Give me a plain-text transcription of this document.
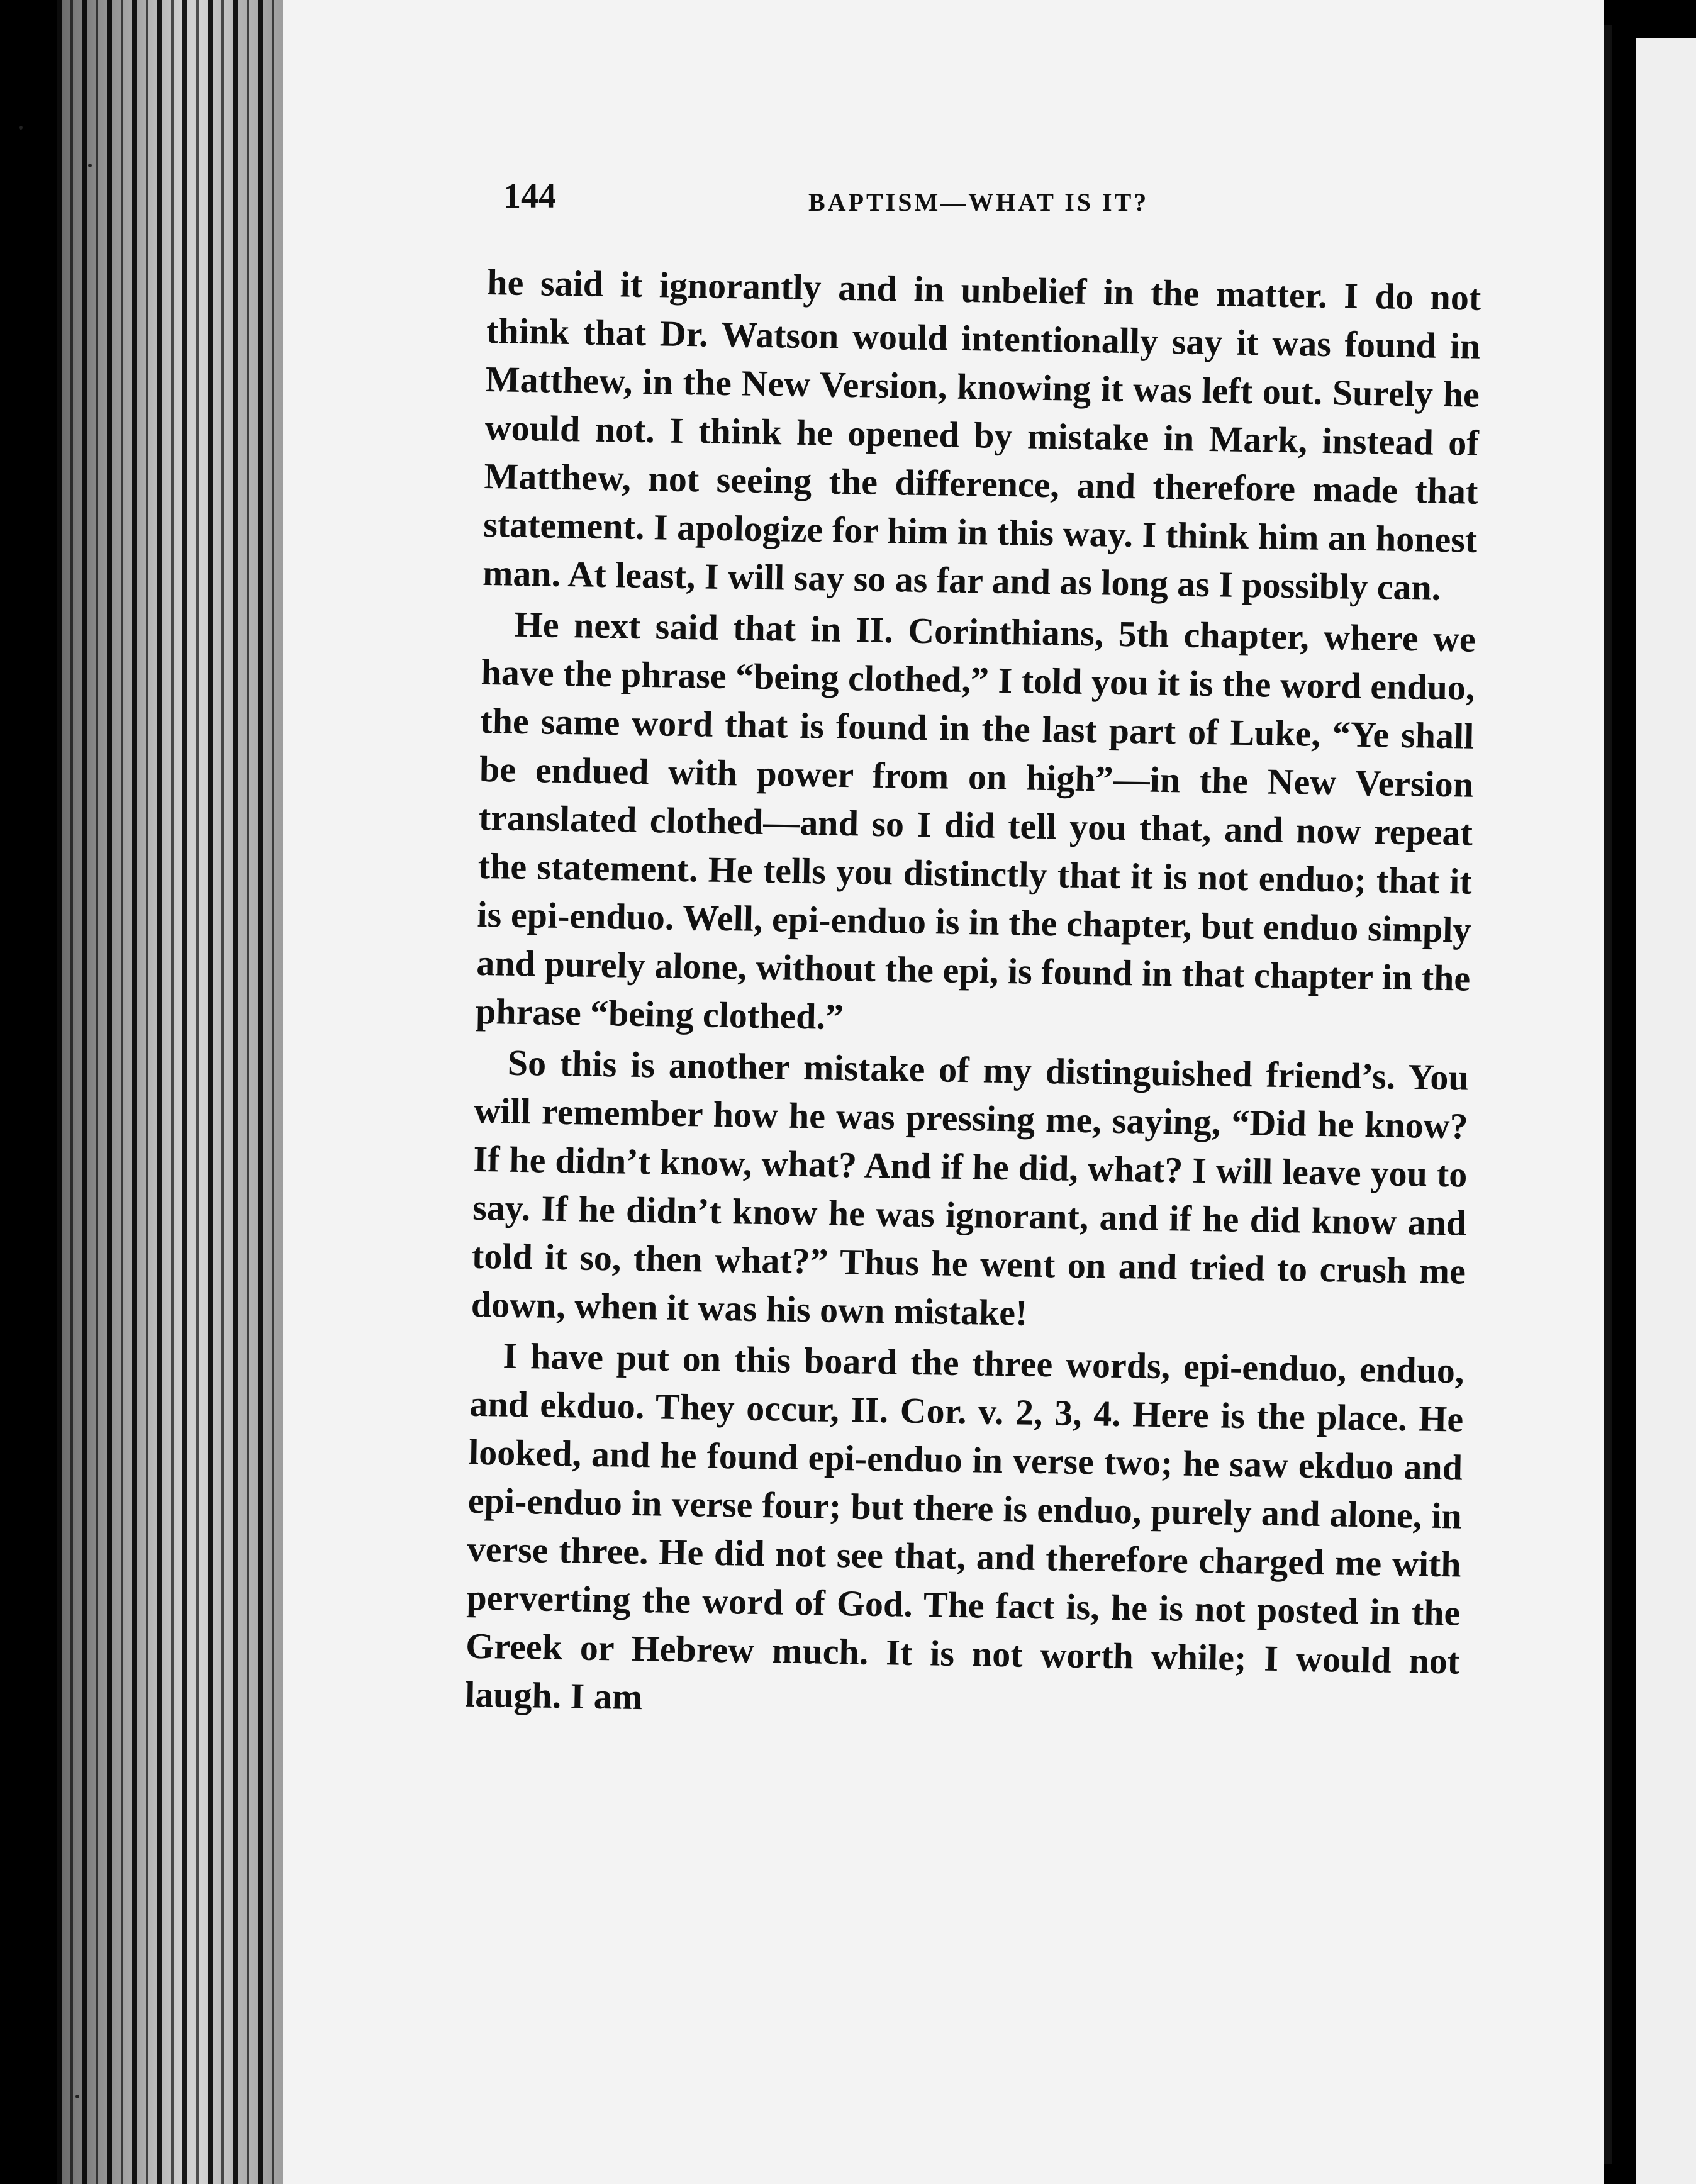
144	BAPTISM—WHAT IS IT?

he said it ignorantly and in unbelief in the matter. I do not think that Dr. Watson would intentionally say it was found in Matthew, in the New Version, knowing it was left out. Surely he would not. I think he opened by mistake in Mark, instead of Matthew, not seeing the difference, and therefore made that statement. I apologize for him in this way. I think him an honest man. At least, I will say so as far and as long as I possibly can.

He next said that in II. Corinthians, 5th chapter, where we have the phrase “being clothed,” I told you it is the word enduo, the same word that is found in the last part of Luke, “Ye shall be endued with power from on high”—in the New Version translated clothed—and so I did tell you that, and now repeat the statement. He tells you distinctly that it is not enduo; that it is epi-enduo. Well, epi-enduo is in the chapter, but enduo simply and purely alone, without the epi, is found in that chapter in the phrase “being clothed.”

So this is another mistake of my distinguished friend’s. You will remember how he was pressing me, saying, “Did he know? If he didn’t know, what? And if he did, what? I will leave you to say. If he didn’t know he was ignorant, and if he did know and told it so, then what?” Thus he went on and tried to crush me down, when it was his own mistake!

I have put on this board the three words, epi-enduo, enduo, and ekduo. They occur, II. Cor. v. 2, 3, 4. Here is the place. He looked, and he found epi-enduo in verse two; he saw ekduo and epi-enduo in verse four; but there is enduo, purely and alone, in verse three. He did not see that, and therefore charged me with perverting the word of God. The fact is, he is not posted in the Greek or Hebrew much. It is not worth while; I would not laugh. I am
